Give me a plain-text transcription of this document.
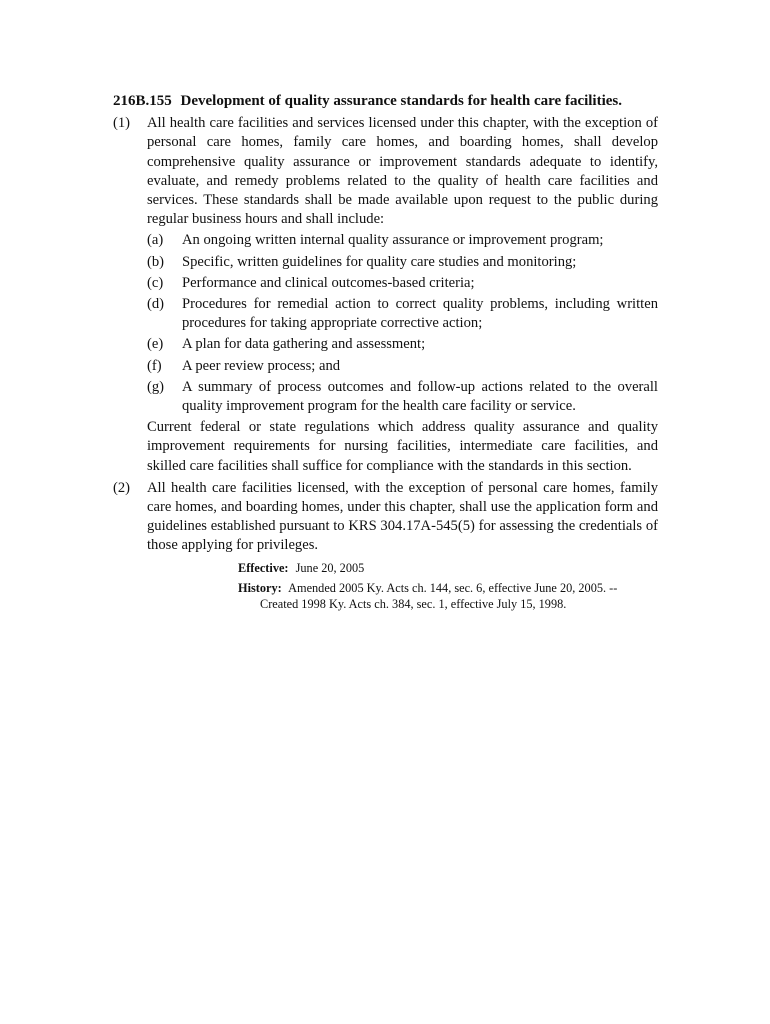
216B.155 Development of quality assurance standards for health care facilities.
(1) All health care facilities and services licensed under this chapter, with the exception of personal care homes, family care homes, and boarding homes, shall develop comprehensive quality assurance or improvement standards adequate to identify, evaluate, and remedy problems related to the quality of health care facilities and services. These standards shall be made available upon request to the public during regular business hours and shall include:
(a) An ongoing written internal quality assurance or improvement program;
(b) Specific, written guidelines for quality care studies and monitoring;
(c) Performance and clinical outcomes-based criteria;
(d) Procedures for remedial action to correct quality problems, including written procedures for taking appropriate corrective action;
(e) A plan for data gathering and assessment;
(f) A peer review process; and
(g) A summary of process outcomes and follow-up actions related to the overall quality improvement program for the health care facility or service.
Current federal or state regulations which address quality assurance and quality improvement requirements for nursing facilities, intermediate care facilities, and skilled care facilities shall suffice for compliance with the standards in this section.
(2) All health care facilities licensed, with the exception of personal care homes, family care homes, and boarding homes, under this chapter, shall use the application form and guidelines established pursuant to KRS 304.17A-545(5) for assessing the credentials of those applying for privileges.
Effective: June 20, 2005
History: Amended 2005 Ky. Acts ch. 144, sec. 6, effective June 20, 2005. -- Created 1998 Ky. Acts ch. 384, sec. 1, effective July 15, 1998.
